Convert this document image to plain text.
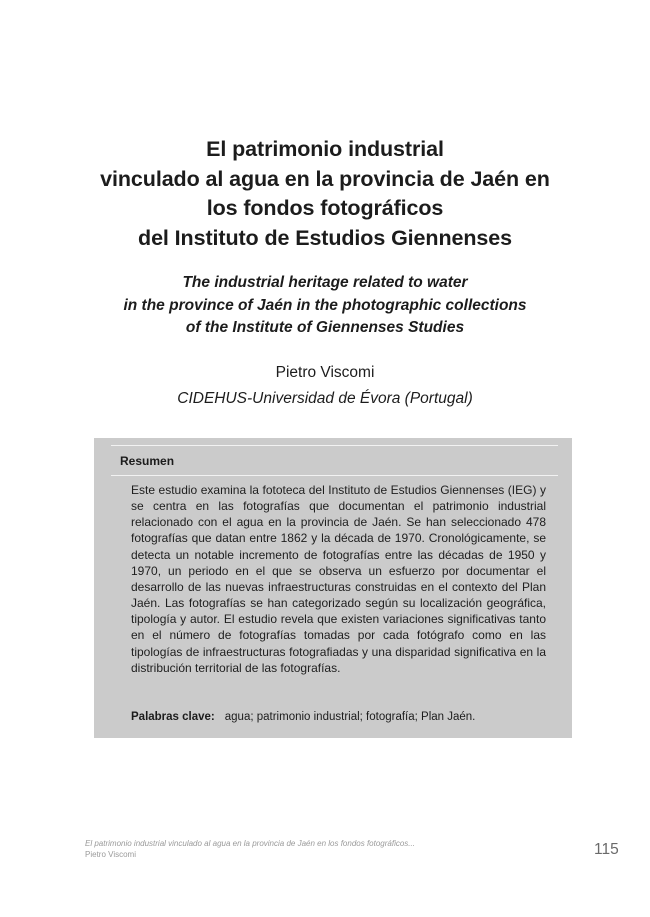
El patrimonio industrial
vinculado al agua en la provincia de Jaén en
los fondos fotográficos
del Instituto de Estudios Giennenses
The industrial heritage related to water
in the province of Jaén in the photographic collections
of the Institute of Giennenses Studies
Pietro Viscomi
CIDEHUS-Universidad de Évora (Portugal)
Resumen

Este estudio examina la fototeca del Instituto de Estudios Giennenses (IEG) y se centra en las fotografías que documentan el patrimonio industrial relacionado con el agua en la provincia de Jaén. Se han seleccionado 478 fotografías que datan entre 1862 y la década de 1970. Cronológicamente, se detecta un notable incremento de fotografías entre las décadas de 1950 y 1970, un periodo en el que se observa un esfuerzo por documentar el desarrollo de las nuevas infraestructuras construidas en el contexto del Plan Jaén. Las fotografías se han categorizado según su localización geográfica, tipología y autor. El estudio revela que existen variaciones significativas tanto en el número de fotografías tomadas por cada fotógrafo como en las tipologías de infraestructuras fotografiadas y una disparidad significativa en la distribución territorial de las fotografías.

Palabras clave: agua; patrimonio industrial; fotografía; Plan Jaén.
El patrimonio industrial vinculado al agua en la provincia de Jaén en los fondos fotográficos...
Pietro Viscomi	115
